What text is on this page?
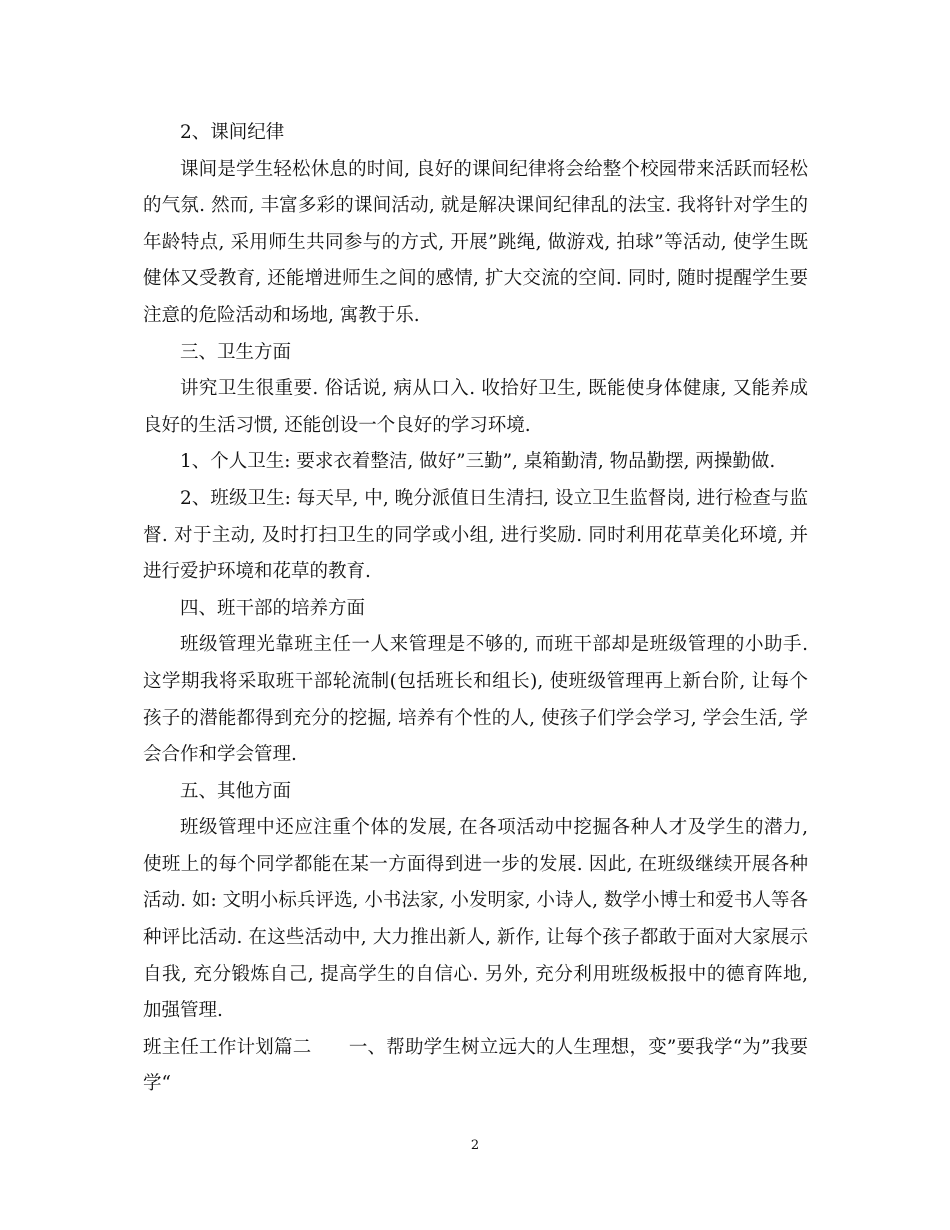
2、课间纪律

课间是学生轻松休息的时间, 良好的课间纪律将会给整个校园带来活跃而轻松的气氛. 然而, 丰富多彩的课间活动, 就是解决课间纪律乱的法宝. 我将针对学生的年龄特点, 采用师生共同参与的方式, 开展”跳绳, 做游戏, 拍球”等活动, 使学生既健体又受教育, 还能增进师生之间的感情, 扩大交流的空间. 同时, 随时提醒学生要注意的危险活动和场地, 寓教于乐.

三、卫生方面

讲究卫生很重要. 俗话说, 病从口入. 收拾好卫生, 既能使身体健康, 又能养成良好的生活习惯, 还能创设一个良好的学习环境.

1、个人卫生: 要求衣着整洁, 做好”三勤”, 桌箱勤清, 物品勤摆, 两操勤做.

2、班级卫生: 每天早, 中, 晚分派值日生清扫, 设立卫生监督岗, 进行检查与监督. 对于主动, 及时打扫卫生的同学或小组, 进行奖励. 同时利用花草美化环境, 并进行爱护环境和花草的教育.

四、班干部的培养方面

班级管理光靠班主任一人来管理是不够的, 而班干部却是班级管理的小助手. 这学期我将采取班干部轮流制(包括班长和组长), 使班级管理再上新台阶, 让每个孩子的潜能都得到充分的挖掘, 培养有个性的人, 使孩子们学会学习, 学会生活, 学会合作和学会管理.

五、其他方面

班级管理中还应注重个体的发展, 在各项活动中挖掘各种人才及学生的潜力, 使班上的每个同学都能在某一方面得到进一步的发展. 因此, 在班级继续开展各种活动. 如: 文明小标兵评选, 小书法家, 小发明家, 小诗人, 数学小博士和爱书人等各种评比活动. 在这些活动中, 大力推出新人, 新作, 让每个孩子都敢于面对大家展示自我, 充分锻炼自己, 提高学生的自信心. 另外, 充分利用班级板报中的德育阵地, 加强管理.

班主任工作计划篇二　　一、帮助学生树立远大的人生理想，变”要我学“为”我要学“

2
